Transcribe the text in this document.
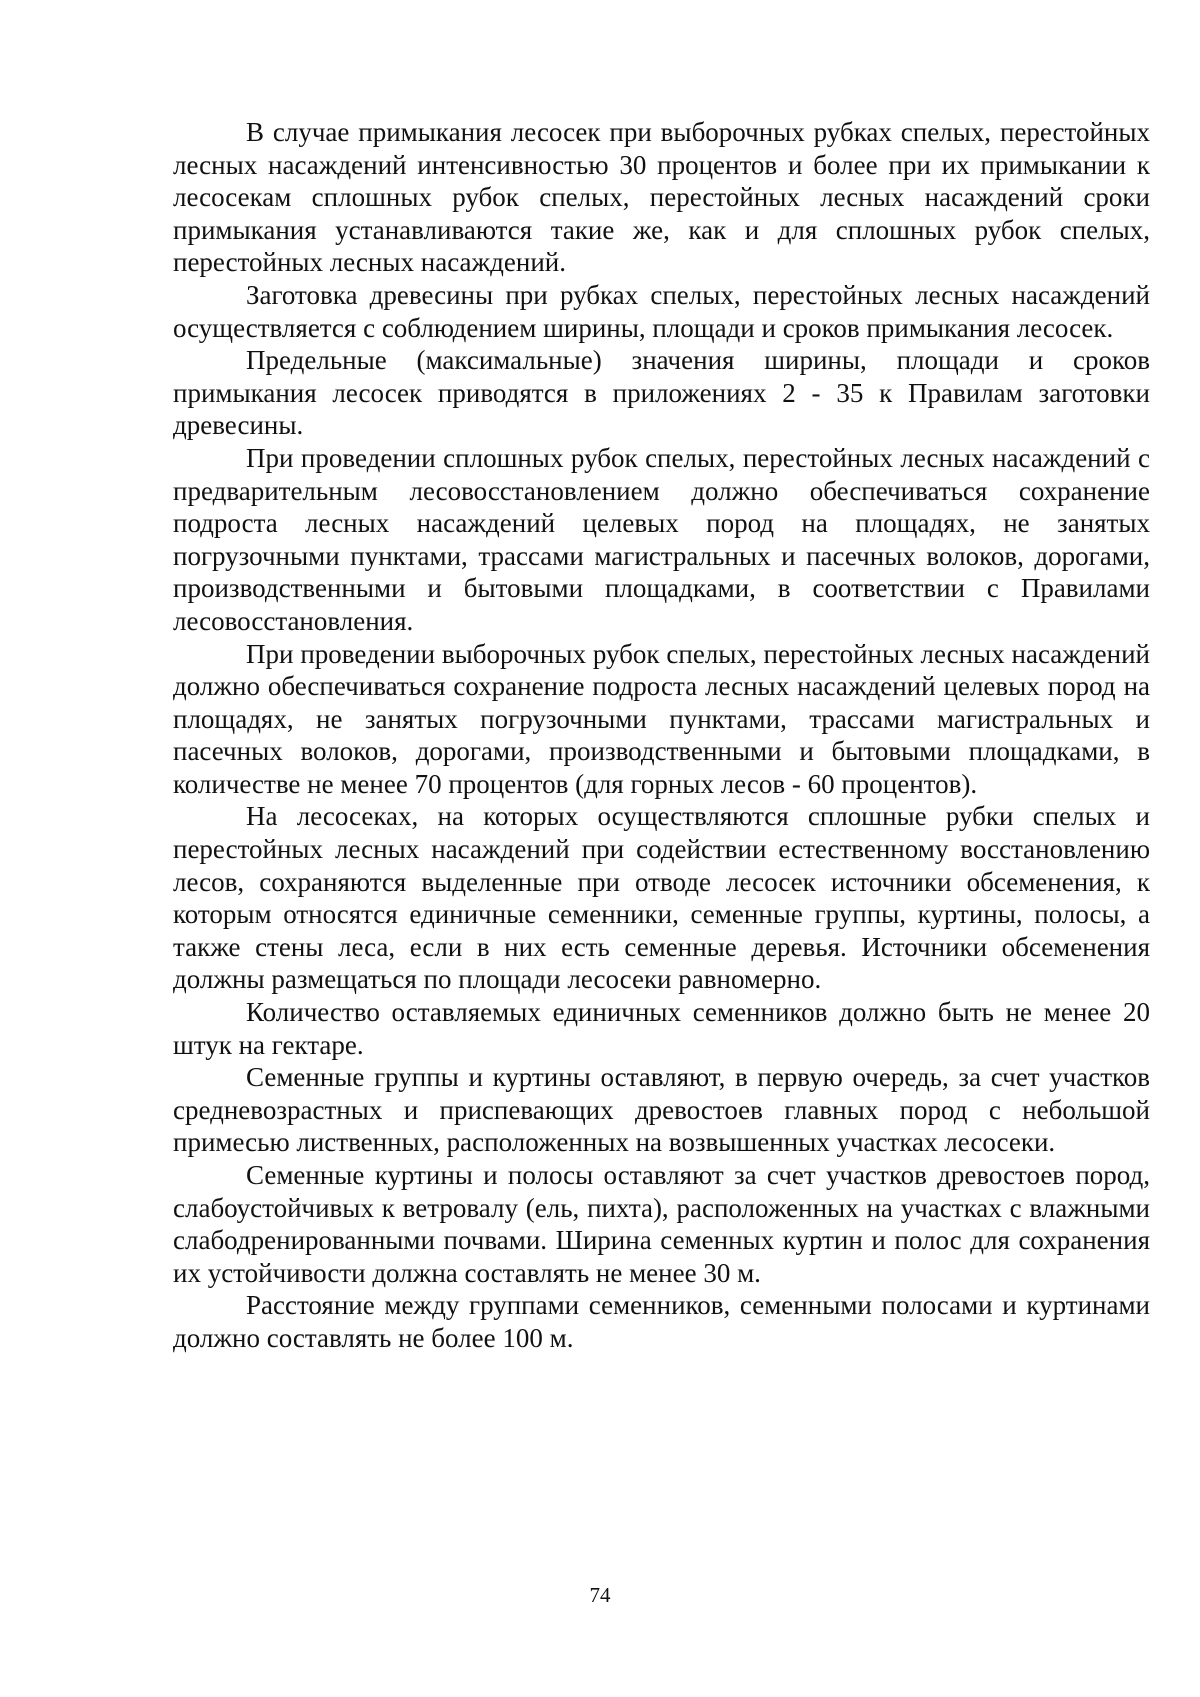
В случае примыкания лесосек при выборочных рубках спелых, перестойных лесных насаждений интенсивностью 30 процентов и более при их примыкании к лесосекам сплошных рубок спелых, перестойных лесных насаждений сроки примыкания устанавливаются такие же, как и для сплошных рубок спелых, перестойных лесных насаждений.

Заготовка древесины при рубках спелых, перестойных лесных насаждений осуществляется с соблюдением ширины, площади и сроков примыкания лесосек.

Предельные (максимальные) значения ширины, площади и сроков примыкания лесосек приводятся в приложениях 2 - 35 к Правилам заготовки древесины.

При проведении сплошных рубок спелых, перестойных лесных насаждений с предварительным лесовосстановлением должно обеспечиваться сохранение подроста лесных насаждений целевых пород на площадях, не занятых погрузочными пунктами, трассами магистральных и пасечных волоков, дорогами, производственными и бытовыми площадками, в соответствии с Правилами лесовосстановления.

При проведении выборочных рубок спелых, перестойных лесных насаждений должно обеспечиваться сохранение подроста лесных насаждений целевых пород на площадях, не занятых погрузочными пунктами, трассами магистральных и пасечных волоков, дорогами, производственными и бытовыми площадками, в количестве не менее 70 процентов (для горных лесов - 60 процентов).

На лесосеках, на которых осуществляются сплошные рубки спелых и перестойных лесных насаждений при содействии естественному восстановлению лесов, сохраняются выделенные при отводе лесосек источники обсеменения, к которым относятся единичные семенники, семенные группы, куртины, полосы, а также стены леса, если в них есть семенные деревья. Источники обсеменения должны размещаться по площади лесосеки равномерно.

Количество оставляемых единичных семенников должно быть не менее 20 штук на гектаре.

Семенные группы и куртины оставляют, в первую очередь, за счет участков средневозрастных и приспевающих древостоев главных пород с небольшой примесью лиственных, расположенных на возвышенных участках лесосеки.

Семенные куртины и полосы оставляют за счет участков древостоев пород, слабоустойчивых к ветровалу (ель, пихта), расположенных на участках с влажными слабодренированными почвами. Ширина семенных куртин и полос для сохранения их устойчивости должна составлять не менее 30 м.

Расстояние между группами семенников, семенными полосами и куртинами должно составлять не более 100 м.

74
